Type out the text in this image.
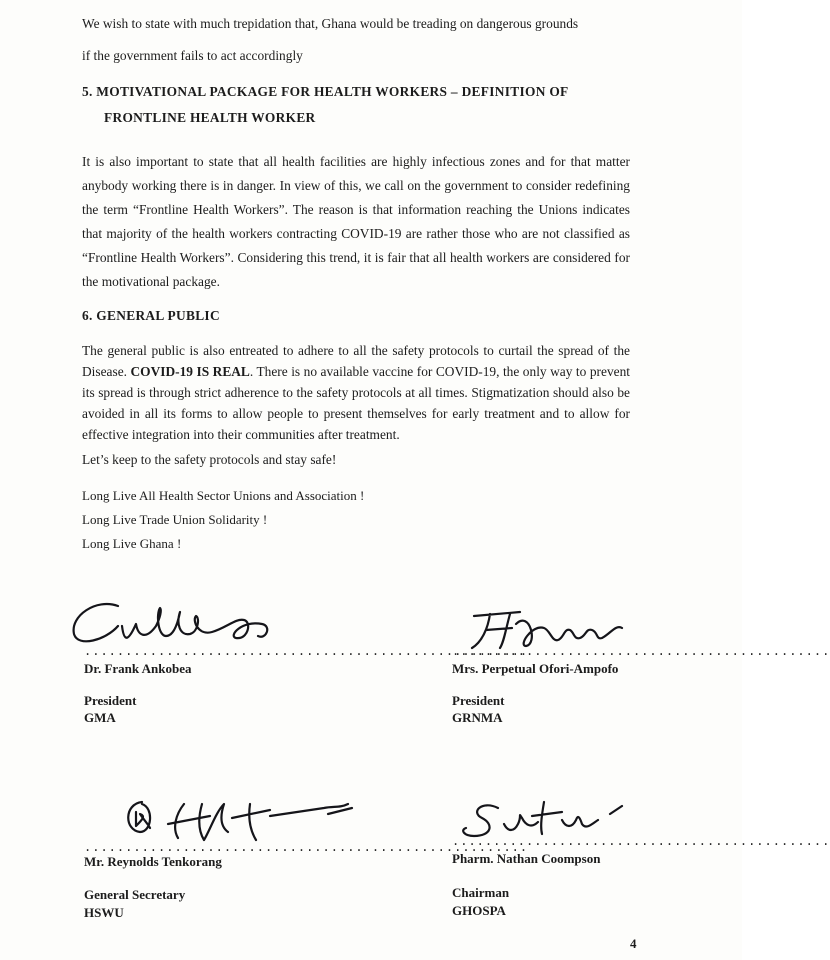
We wish to state with much trepidation that, Ghana would be treading on dangerous grounds
if the government fails to act accordingly
5. MOTIVATIONAL PACKAGE FOR HEALTH WORKERS – DEFINITION OF
FRONTLINE HEALTH WORKER
It is also important to state that all health facilities are highly infectious zones and for that matter anybody working there is in danger. In view of this, we call on the government to consider redefining the term “Frontline Health Workers”. The reason is that information reaching the Unions indicates that majority of the health workers contracting COVID-19 are rather those who are not classified as “Frontline Health Workers”. Considering this trend, it is fair that all health workers are considered for the motivational package.
6. GENERAL PUBLIC
The general public is also entreated to adhere to all the safety protocols to curtail the spread of the Disease. COVID-19 IS REAL. There is no available vaccine for COVID-19, the only way to prevent its spread is through strict adherence to the safety protocols at all times. Stigmatization should also be avoided in all its forms to allow people to present themselves for early treatment and to allow for effective integration into their communities after treatment.
Let’s keep to the safety protocols and stay safe!
Long Live All Health Sector Unions and Association !
Long Live Trade Union Solidarity !
Long Live Ghana !
......................................................
Dr. Frank Ankobea
President
GMA
..............................................
Mrs. Perpetual Ofori-Ampofo
President
GRNMA
......................................................
Mr. Reynolds Tenkorang
General Secretary
HSWU
..............................................
Pharm. Nathan Coompson
Chairman
GHOSPA
4
